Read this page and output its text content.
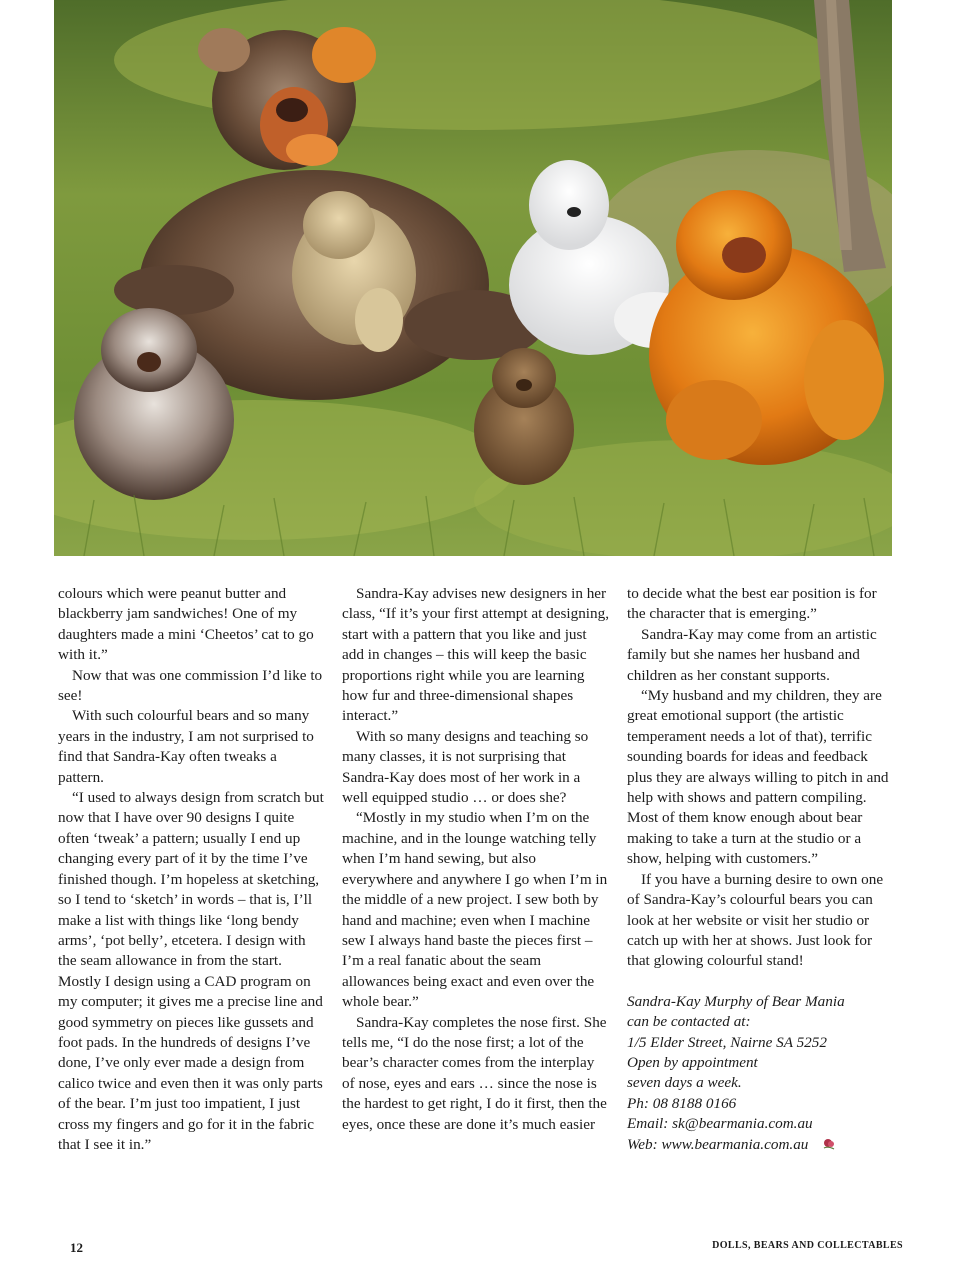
colours which were peanut butter and blackberry jam sandwiches! One of my daughters made a mini ‘Cheetos’ cat to go with it.”

Now that was one commission I’d like to see!

With such colourful bears and so many years in the industry, I am not surprised to find that Sandra-Kay often tweaks a pattern.

“I used to always design from scratch but now that I have over 90 designs I quite often ‘tweak’ a pattern; usually I end up changing every part of it by the time I’ve finished though. I’m hopeless at sketching, so I tend to ‘sketch’ in words – that is, I’ll make a list with things like ‘long bendy arms’, ‘pot belly’, etcetera. I design with the seam allowance in from the start. Mostly I design using a CAD program on my computer; it gives me a precise line and good symmetry on pieces like gussets and foot pads. In the hundreds of designs I’ve done, I’ve only ever made a design from calico twice and even then it was only parts of the bear. I’m just too impatient, I just cross my fingers and go for it in the fabric that I see it in.”

Sandra-Kay advises new designers in her class, “If it’s your first attempt at designing, start with a pattern that you like and just add in changes – this will keep the basic proportions right while you are learning how fur and three-dimensional shapes interact.”

With so many designs and teaching so many classes, it is not surprising that Sandra-Kay does most of her work in a well equipped studio … or does she?

“Mostly in my studio when I’m on the machine, and in the lounge watching telly when I’m hand sewing, but also everywhere and anywhere I go when I’m in the middle of a new project. I sew both by hand and machine; even when I machine sew I always hand baste the pieces first – I’m a real fanatic about the seam allowances being exact and even over the whole bear.”

Sandra-Kay completes the nose first. She tells me, “I do the nose first; a lot of the bear’s character comes from the interplay of nose, eyes and ears … since the nose is the hardest to get right, I do it first, then the eyes, once these are done it’s much easier

to decide what the best ear position is for the character that is emerging.”

Sandra-Kay may come from an artistic family but she names her husband and children as her constant supports.

“My husband and my children, they are great emotional support (the artistic temperament needs a lot of that), terrific sounding boards for ideas and feedback plus they are always willing to pitch in and help with shows and pattern compiling. Most of them know enough about bear making to take a turn at the studio or a show, helping with customers.”

If you have a burning desire to own one of Sandra-Kay’s colourful bears you can look at her website or visit her studio or catch up with her at shows. Just look for that glowing colourful stand!

Sandra-Kay Murphy of Bear Mania
can be contacted at:
1/5 Elder Street, Nairne SA 5252
Open by appointment
seven days a week.
Ph: 08 8188 0166
Email: sk@bearmania.com.au
Web: www.bearmania.com.au

12	DOLLS, BEARS AND COLLECTABLES
